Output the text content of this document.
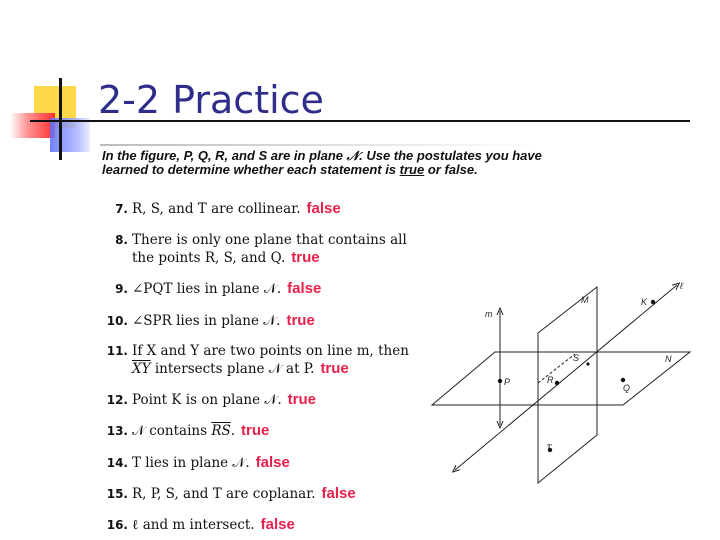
2-2 Practice
In the figure, P, Q, R, and S are in plane 𝒩. Use the postulates you have learned to determine whether each statement is true or false.
7. R, S, and T are collinear. false
8. There is only one plane that contains all
the points R, S, and Q. true
9. ∠PQT lies in plane 𝒩. false
10. ∠SPR lies in plane 𝒩. true
11. If X and Y are two points on line m, then
$\overline{XY}$ intersects plane 𝒩 at P. true
12. Point K is on plane 𝒩. true
13. 𝒩 contains $\overline{RS}$. true
14. T lies in plane 𝒩. false
15. R, P, S, and T are coplanar. false
16. ℓ and m intersect. false
m
M	K
ℓ
S	N
P	R
Q
T
